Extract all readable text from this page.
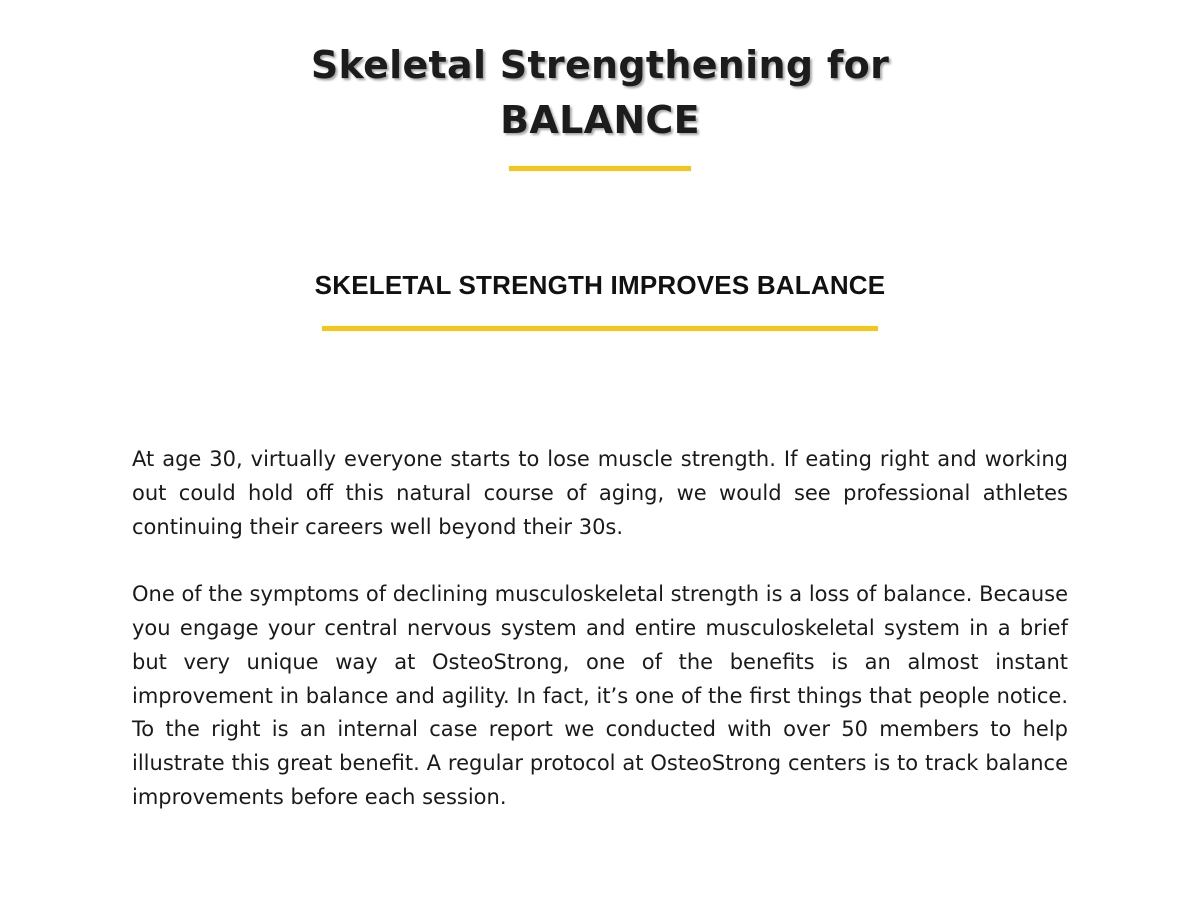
Skeletal Strengthening for
BALANCE
SKELETAL STRENGTH IMPROVES BALANCE

At age 30, virtually everyone starts to lose muscle strength. If eating right and working out could hold off this natural course of aging, we would see professional athletes continuing their careers well beyond their 30s.

One of the symptoms of declining musculoskeletal strength is a loss of balance. Because you engage your central nervous system and entire musculoskeletal system in a brief but very unique way at OsteoStrong, one of the benefits is an almost instant improvement in balance and agility. In fact, it’s one of the first things that people notice. To the right is an internal case report we conducted with over 50 members to help illustrate this great benefit. A regular protocol at OsteoStrong centers is to track balance improvements before each session.
